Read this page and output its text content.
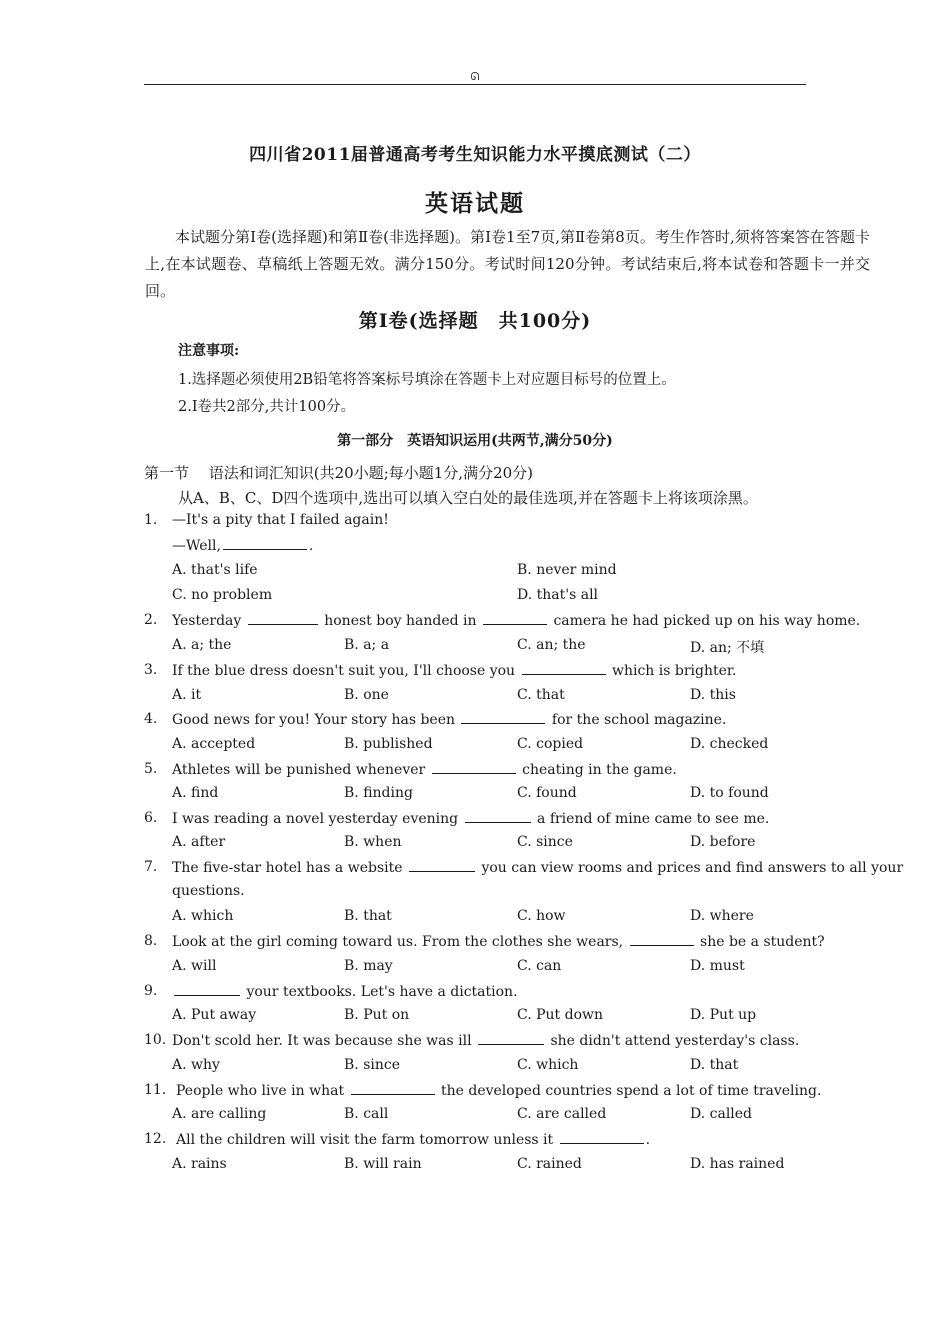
ᘏ
四川省2011届普通高考考生知识能力水平摸底测试（二）
英语试题

本试题分第Ⅰ卷(选择题)和第Ⅱ卷(非选择题)。第Ⅰ卷1至7页,第Ⅱ卷第8页。考生作答时,须将答案答在答题卡上,在本试题卷、草稿纸上答题无效。满分150分。考试时间120分钟。考试结束后,将本试卷和答题卡一并交回。

第Ⅰ卷(选择题　共100分)
注意事项:
1.选择题必须使用2B铅笔将答案标号填涂在答题卡上对应题目标号的位置上。
2.Ⅰ卷共2部分,共计100分。
第一部分　英语知识运用(共两节,满分50分)
第一节　 语法和词汇知识(共20小题;每小题1分,满分20分)
从A、B、C、D四个选项中,选出可以填入空白处的最佳选项,并在答题卡上将该项涂黑。
1. —It's a pity that I failed again!
—Well,	.
A. that's life	B. never mind
C. no problem	D. that's all
2. Yesterday	honest boy handed in	camera he had picked up on his way home.
A. a; the	B. a; a	C. an; the	D. an; 不填
3. If the blue dress doesn't suit you, I'll choose you	which is brighter.
A. it	B. one	C. that	D. this
4. Good news for you! Your story has been	for the school magazine.
A. accepted	B. published	C. copied	D. checked
5. Athletes will be punished whenever	cheating in the game.
A. find	B. finding	C. found	D. to found
6. I was reading a novel yesterday evening	a friend of mine came to see me.
A. after	B. when	C. since	D. before
7. The five-star hotel has a website	you can view rooms and prices and find answers to all your
questions.
A. which	B. that	C. how	D. where
8. Look at the girl coming toward us. From the clothes she wears,	she be a student?
A. will	B. may	C. can	D. must
9.	your textbooks. Let's have a dictation.
A. Put away	B. Put on	C. Put down	D. Put up
10. Don't scold her. It was because she was ill	she didn't attend yesterday's class.
A. why	B. since	C. which	D. that
11. People who live in what	the developed countries spend a lot of time traveling.
A. are calling	B. call	C. are called	D. called
12. All the children will visit the farm tomorrow unless it	.
A. rains	B. will rain	C. rained	D. has rained
